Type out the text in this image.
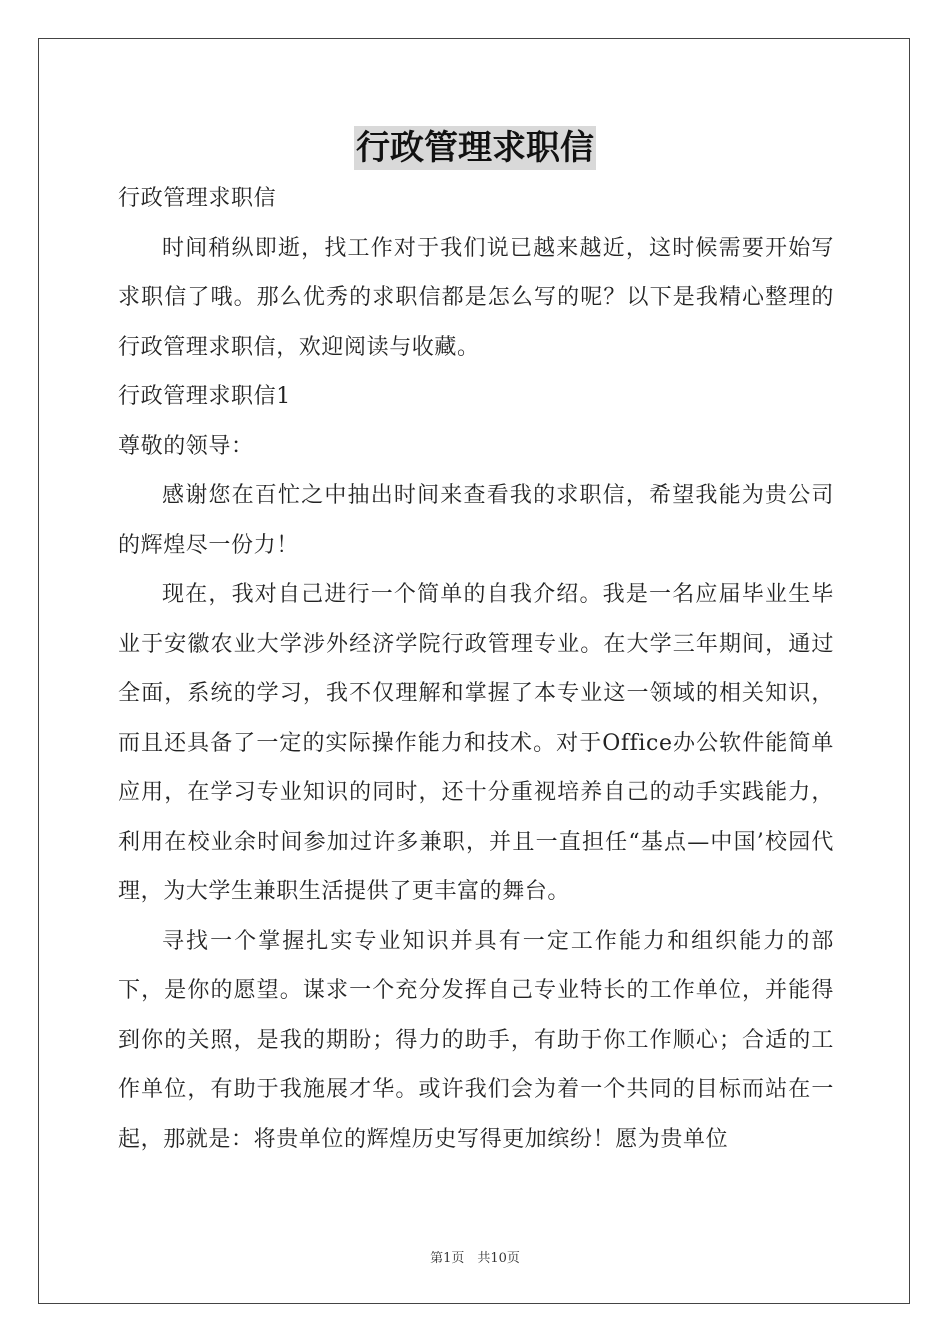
行政管理求职信
行政管理求职信

时间稍纵即逝，找工作对于我们说已越来越近，这时候需要开始写求职信了哦。那么优秀的求职信都是怎么写的呢？以下是我精心整理的行政管理求职信，欢迎阅读与收藏。

行政管理求职信1
尊敬的领导：

感谢您在百忙之中抽出时间来查看我的求职信，希望我能为贵公司的辉煌尽一份力！

现在，我对自己进行一个简单的自我介绍。我是一名应届毕业生毕业于安徽农业大学涉外经济学院行政管理专业。在大学三年期间，通过全面，系统的学习，我不仅理解和掌握了本专业这一领域的相关知识，而且还具备了一定的实际操作能力和技术。对于Office办公软件能简单应用，在学习专业知识的同时，还十分重视培养自己的动手实践能力，利用在校业余时间参加过许多兼职，并且一直担任“基点—中国’校园代理，为大学生兼职生活提供了更丰富的舞台。

寻找一个掌握扎实专业知识并具有一定工作能力和组织能力的部下，是你的愿望。谋求一个充分发挥自己专业特长的工作单位，并能得到你的关照，是我的期盼；得力的助手，有助于你工作顺心；合适的工作单位，有助于我施展才华。或许我们会为着一个共同的目标而站在一起，那就是：将贵单位的辉煌历史写得更加缤纷！愿为贵单位

第1页　共10页
